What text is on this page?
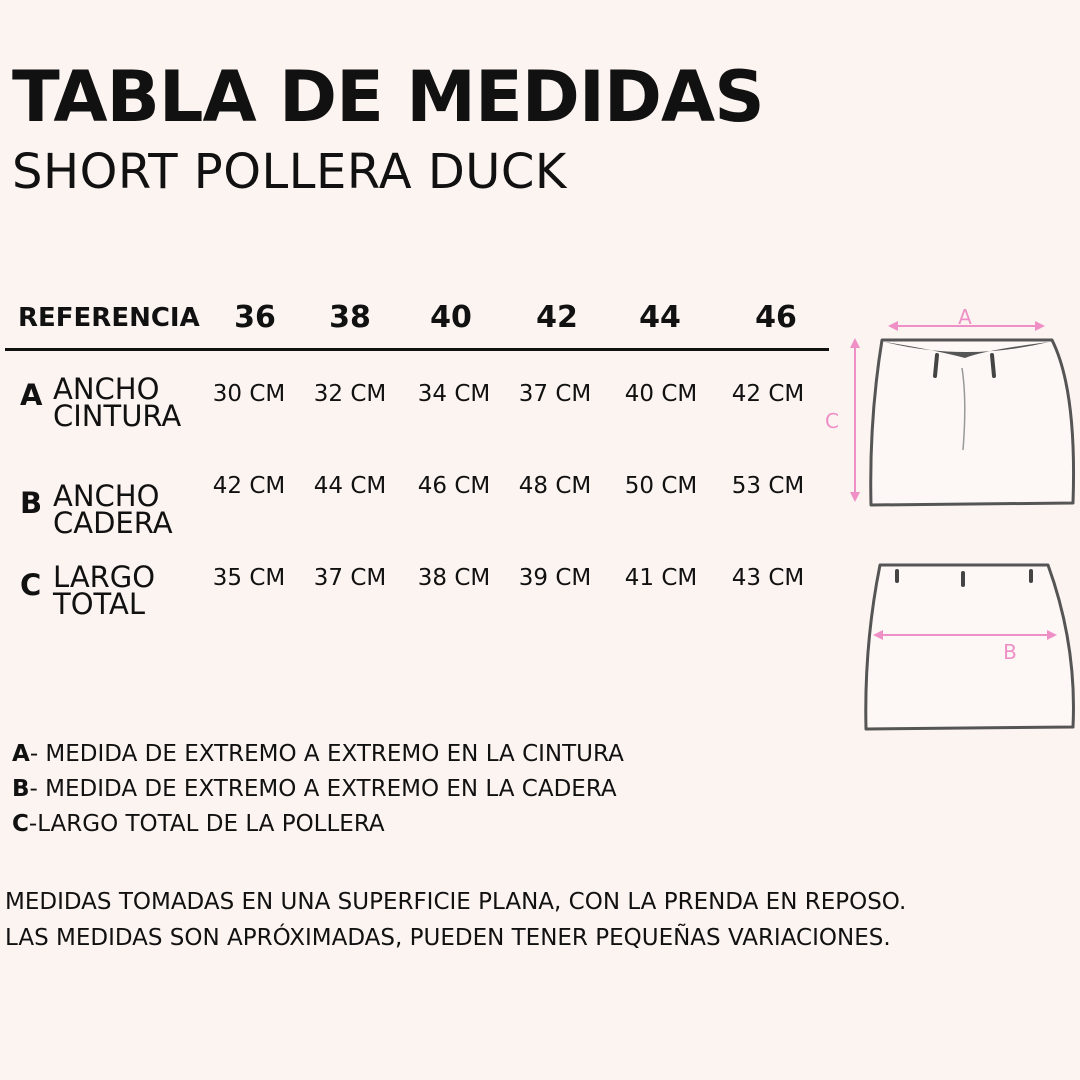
TABLA DE MEDIDAS
SHORT POLLERA DUCK
REFERENCIA	36	38	40	42	44	46
A ANCHO
CINTURA
30 CM	32 CM	34 CM	37 CM	40 CM	42 CM
B ANCHO
CADERA
42 CM	44 CM	46 CM	48 CM	50 CM	53 CM
C LARGO
TOTAL
35 CM	37 CM	38 CM	39 CM	41 CM	43 CM
A
C
B
A- MEDIDA DE EXTREMO A EXTREMO EN LA CINTURA
B- MEDIDA DE EXTREMO A EXTREMO EN LA CADERA
C-LARGO TOTAL DE LA POLLERA
MEDIDAS TOMADAS EN UNA SUPERFICIE PLANA, CON LA PRENDA EN REPOSO.
LAS MEDIDAS SON APRÓXIMADAS, PUEDEN TENER PEQUEÑAS VARIACIONES.
